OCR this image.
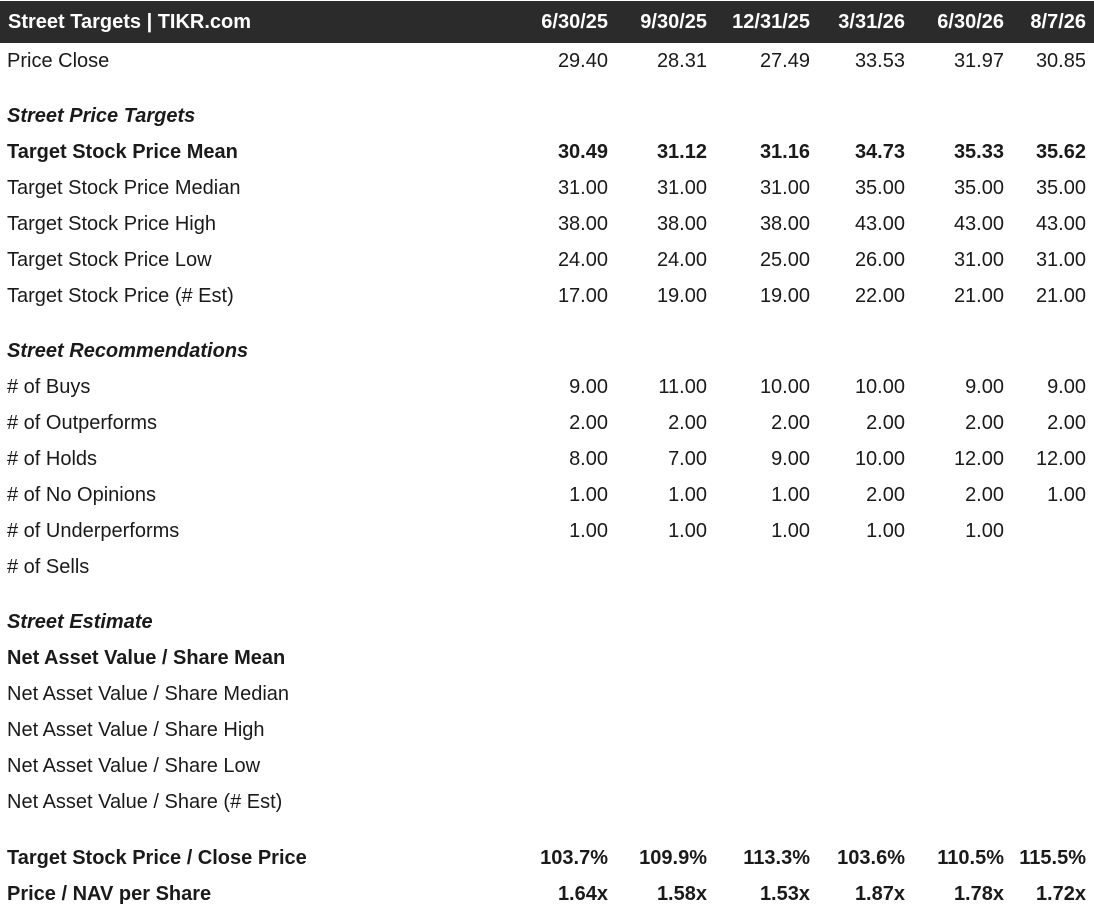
Street Targets | TIKR.com	6/30/25	9/30/25	12/31/25	3/31/26	6/30/26	8/7/26
Price Close	29.40	28.31	27.49	33.53	31.97	30.85
Street Price Targets
Target Stock Price Mean	30.49	31.12	31.16	34.73	35.33	35.62
Target Stock Price Median	31.00	31.00	31.00	35.00	35.00	35.00
Target Stock Price High	38.00	38.00	38.00	43.00	43.00	43.00
Target Stock Price Low	24.00	24.00	25.00	26.00	31.00	31.00
Target Stock Price (# Est)	17.00	19.00	19.00	22.00	21.00	21.00
Street Recommendations
# of Buys	9.00	11.00	10.00	10.00	9.00	9.00
# of Outperforms	2.00	2.00	2.00	2.00	2.00	2.00
# of Holds	8.00	7.00	9.00	10.00	12.00	12.00
# of No Opinions	1.00	1.00	1.00	2.00	2.00	1.00
# of Underperforms	1.00	1.00	1.00	1.00	1.00
# of Sells
Street Estimate
Net Asset Value / Share Mean
Net Asset Value / Share Median
Net Asset Value / Share High
Net Asset Value / Share Low
Net Asset Value / Share (# Est)
Target Stock Price / Close Price	103.7%	109.9%	113.3%	103.6%	110.5% 115.5%
Price / NAV per Share	1.64x	1.58x	1.53x	1.87x	1.78x	1.72x
